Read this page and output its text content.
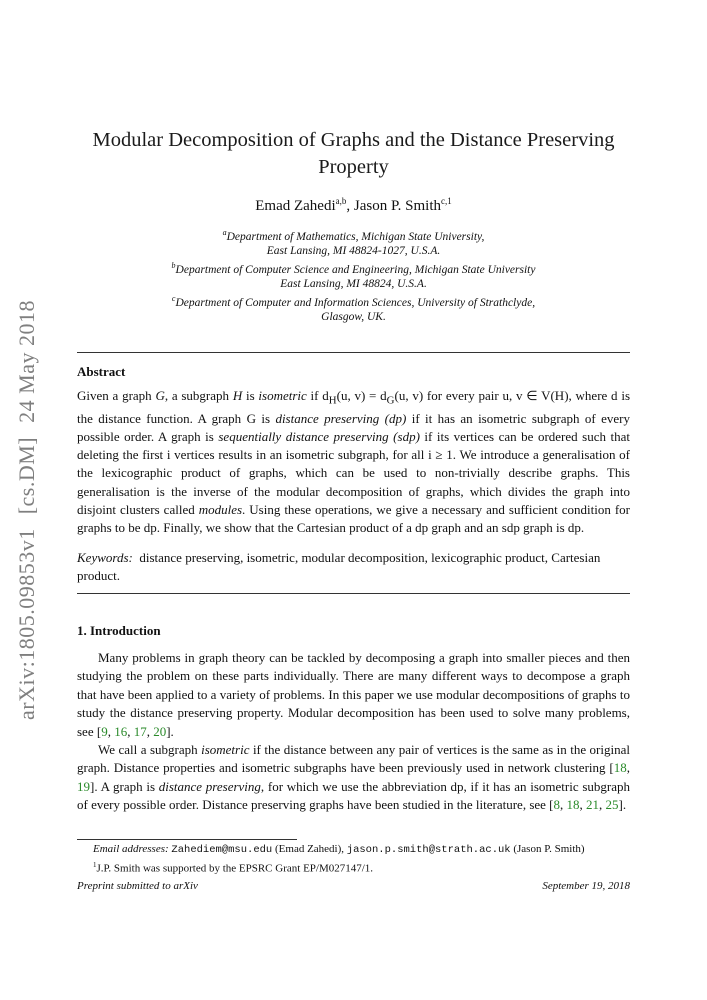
arXiv:1805.09853v1[cs.DM]24 May 2018
Modular Decomposition of Graphs and the Distance Preserving
Property
Emad Zahedi$^{a,b}$, Jason P. Smith$^{c,1}$
$^a$Department of Mathematics, Michigan State University,
East Lansing, MI 48824-1027, U.S.A.
$^b$Department of Computer Science and Engineering, Michigan State University
East Lansing, MI 48824, U.S.A.
$^c$Department of Computer and Information Sciences, University of Strathclyde,
Glasgow, UK.
Abstract
Given a graph G, a subgraph H is isometric if $d_H(u$, $v) = d_G(u$, v) for every pair u, v ∈ V(H), where d is the distance function. A graph G is distance preserving (dp) if it has an isometric subgraph of every possible order. A graph is sequentially distance preserving (sdp) if its vertices can be ordered such that deleting the first i vertices results in an isometric subgraph, for all i ≥ 1. We introduce a generalisation of the lexicographic product of graphs, which can be used to non-trivially describe graphs. This generalisation is the inverse of the modular decomposition of graphs, which divides the graph into disjoint clusters called modules. Using these operations, we give a necessary and sufficient condition for graphs to be dp. Finally, we show that the Cartesian product of a dp graph and an sdp graph is dp.
Keywords: distance preserving, isometric, modular decomposition, lexicographic product, Cartesian product.
1. Introduction

Many problems in graph theory can be tackled by decomposing a graph into smaller pieces and then studying the problem on these parts individually. There are many different ways to decompose a graph that have been applied to a variety of problems. In this paper we use modular decompositions of graphs to study the distance preserving property. Modular decomposition has been used to solve many problems, see [9, 16, 17, 20].

We call a subgraph isometric if the distance between any pair of vertices is the same as in the original graph. Distance properties and isometric subgraphs have been previously used in network clustering [18, 19]. A graph is distance preserving, for which we use the abbreviation dp, if it has an isometric subgraph of every possible order. Distance preserving graphs have been studied in the literature, see [8, 18, 21, 25].

Email addresses: Zahediem@msu.edu (Emad Zahedi), jason.p.smith@strath.ac.uk (Jason P. Smith)
$^1$J.P. Smith was supported by the EPSRC Grant EP/M027147/1.
Preprint submitted to arXiv	September 19, 2018
